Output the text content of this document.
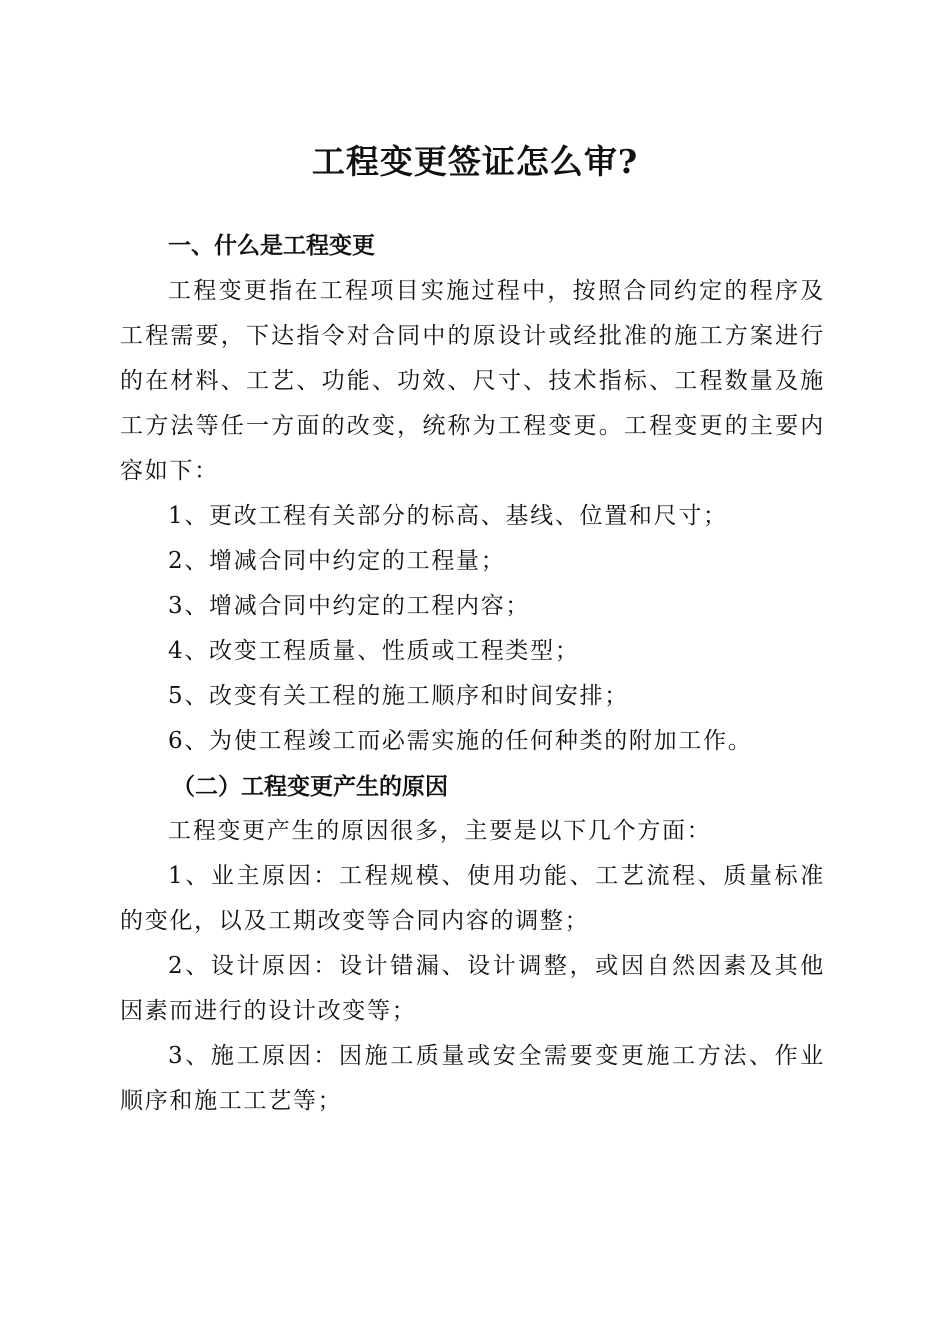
工程变更签证怎么审?
一、什么是工程变更

工程变更指在工程项目实施过程中，按照合同约定的程序及工程需要，下达指令对合同中的原设计或经批准的施工方案进行的在材料、工艺、功能、功效、尺寸、技术指标、工程数量及施工方法等任一方面的改变，统称为工程变更。工程变更的主要内容如下：

1、更改工程有关部分的标高、基线、位置和尺寸；
2、增减合同中约定的工程量；
3、增减合同中约定的工程内容；
4、改变工程质量、性质或工程类型；
5、改变有关工程的施工顺序和时间安排；
6、为使工程竣工而必需实施的任何种类的附加工作。
（二）工程变更产生的原因
工程变更产生的原因很多，主要是以下几个方面：

1、业主原因：工程规模、使用功能、工艺流程、质量标准的变化，以及工期改变等合同内容的调整；

2、设计原因：设计错漏、设计调整，或因自然因素及其他因素而进行的设计改变等；

3、施工原因：因施工质量或安全需要变更施工方法、作业顺序和施工工艺等；
